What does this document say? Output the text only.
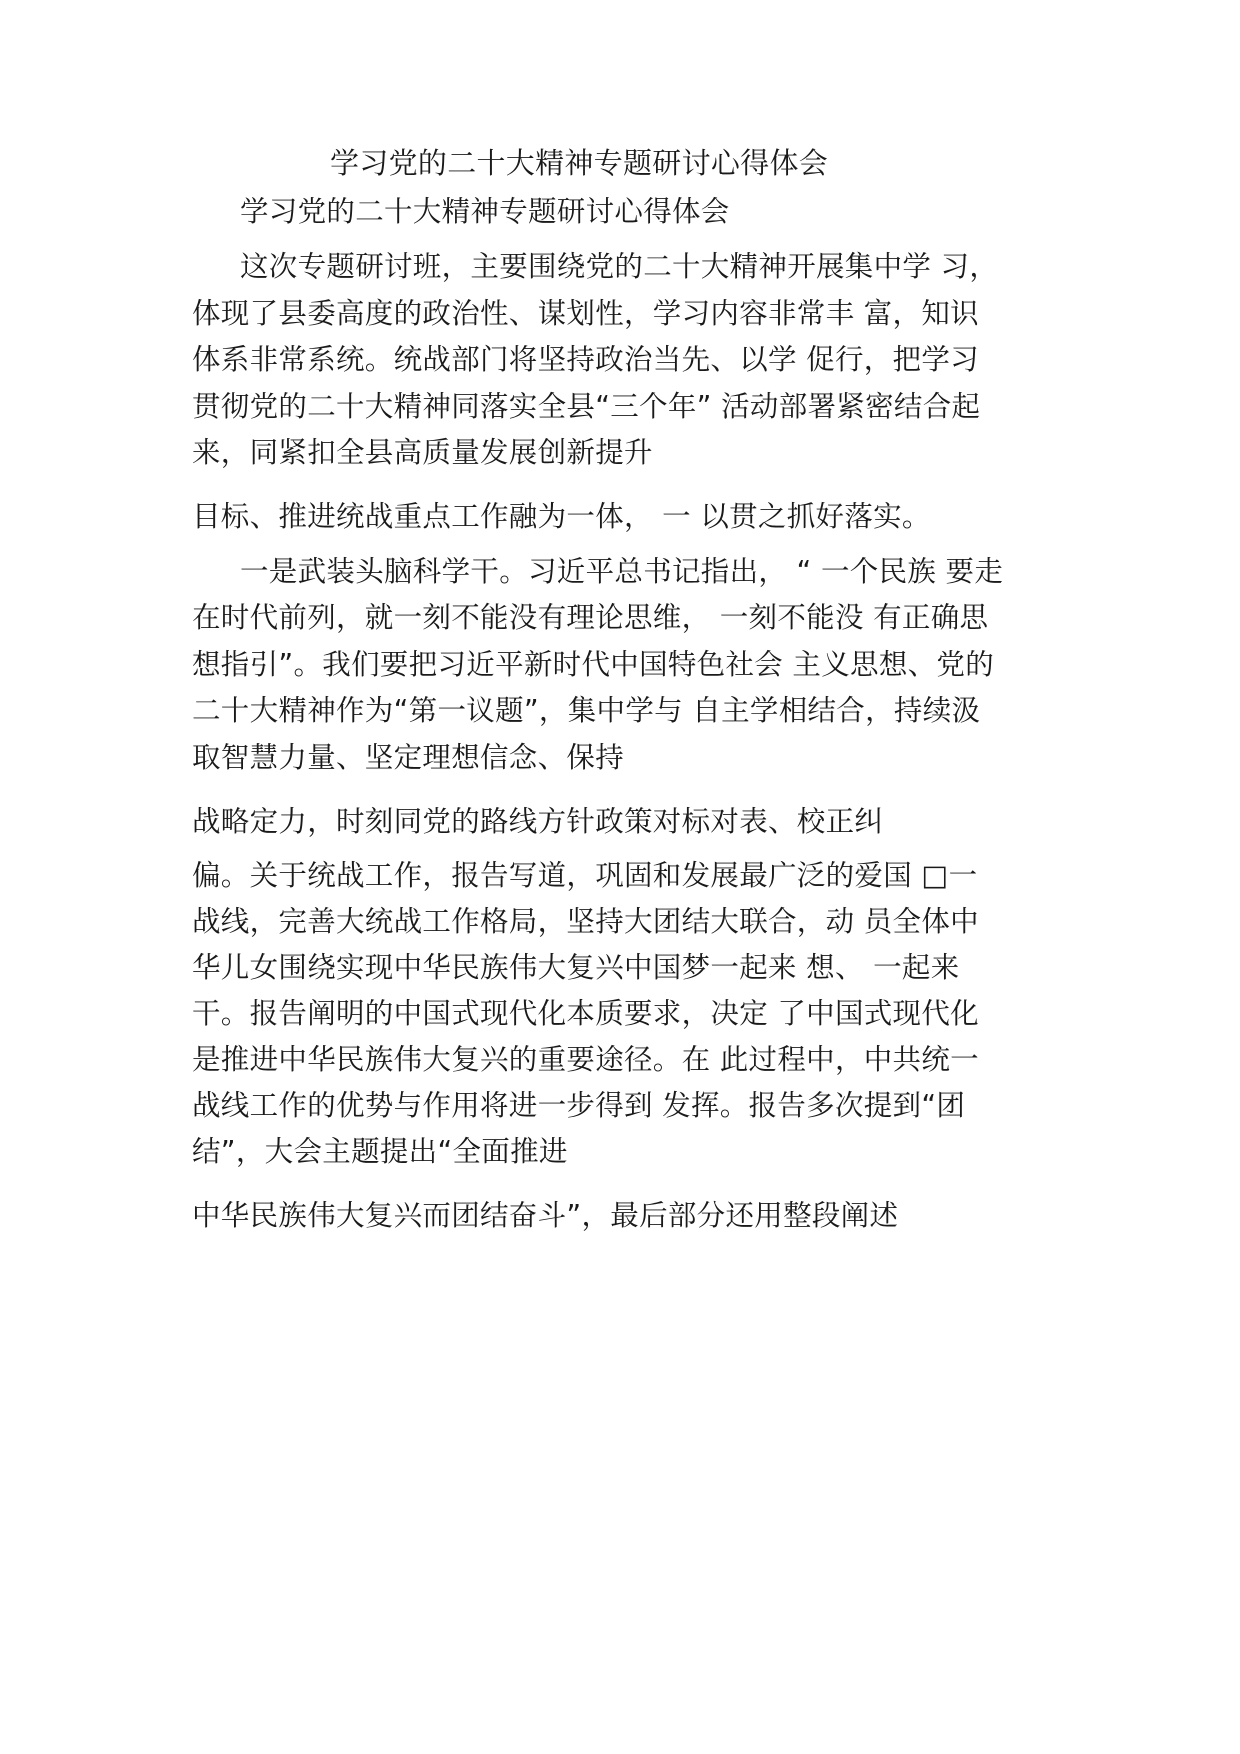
学习党的二十大精神专题研讨心得体会
学习党的二十大精神专题研讨心得体会
这次专题研讨班，主要围绕党的二十大精神开展集中学 习，
体现了县委高度的政治性、谋划性，学习内容非常丰 富，知识
体系非常系统。统战部门将坚持政治当先、以学 促行，把学习
贯彻党的二十大精神同落实全县“三个年” 活动部署紧密结合起
来，同紧扣全县高质量发展创新提升
目标、推进统战重点工作融为一体， 一 以贯之抓好落实。
一是武装头脑科学干。习近平总书记指出， “ 一个民族 要走
在时代前列，就一刻不能没有理论思维， 一刻不能没 有正确思
想指引”。我们要把习近平新时代中国特色社会 主义思想、党的
二十大精神作为“第一议题”，集中学与 自主学相结合，持续汲
取智慧力量、坚定理想信念、保持
战略定力，时刻同党的路线方针政策对标对表、校正纠
偏。关于统战工作，报告写道，巩固和发展最广泛的爱国 □一
战线，完善大统战工作格局，坚持大团结大联合，动 员全体中
华儿女围绕实现中华民族伟大复兴中国梦一起来 想、 一起来
干。报告阐明的中国式现代化本质要求，决定 了中国式现代化
是推进中华民族伟大复兴的重要途径。在 此过程中，中共统一
战线工作的优势与作用将进一步得到 发挥。报告多次提到“团
结”，大会主题提出“全面推进
中华民族伟大复兴而团结奋斗”，最后部分还用整段阐述
